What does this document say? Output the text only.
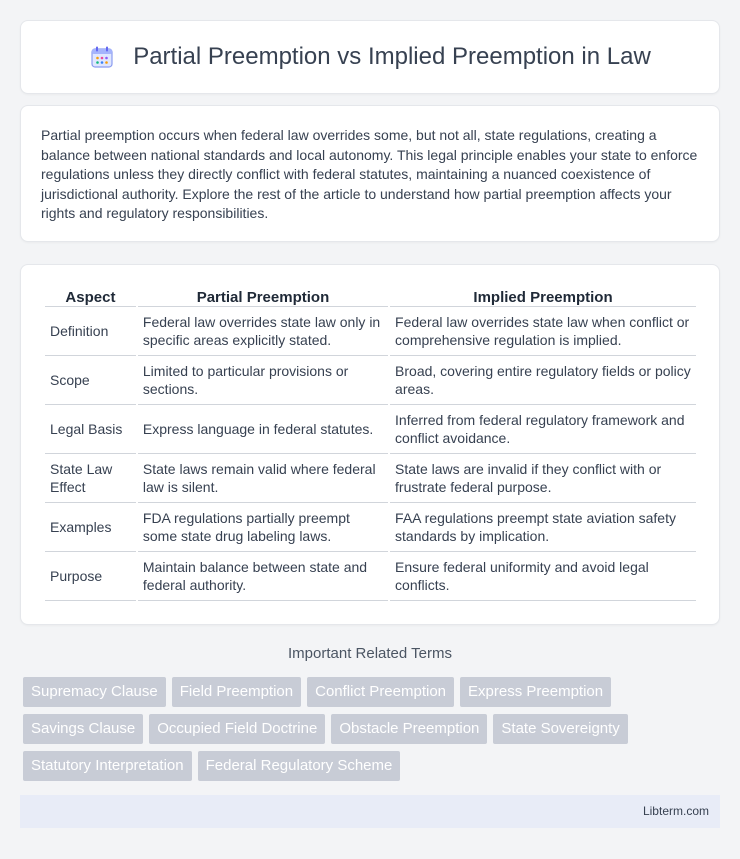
Partial Preemption vs Implied Preemption in Law

Partial preemption occurs when federal law overrides some, but not all, state regulations, creating a balance between national standards and local autonomy. This legal principle enables your state to enforce regulations unless they directly conflict with federal statutes, maintaining a nuanced coexistence of jurisdictional authority. Explore the rest of the article to understand how partial preemption affects your rights and regulatory responsibilities.

Aspect	Partial Preemption	Implied Preemption
Definition	Federal law overrides state law only in specific areas explicitly stated.	Federal law overrides state law when conflict or comprehensive regulation is implied.
Scope	Limited to particular provisions or sections.	Broad, covering entire regulatory fields or policy areas.
Legal Basis	Express language in federal statutes.	Inferred from federal regulatory framework and conflict avoidance.
State Law Effect	State laws remain valid where federal law is silent.	State laws are invalid if they conflict with or frustrate federal purpose.
Examples	FDA regulations partially preempt some state drug labeling laws.	FAA regulations preempt state aviation safety standards by implication.
Purpose	Maintain balance between state and federal authority.	Ensure federal uniformity and avoid legal conflicts.
Important Related Terms
Supremacy Clause	Field Preemption	Conflict Preemption	Express Preemption
Savings Clause	Occupied Field Doctrine	Obstacle Preemption	State Sovereignty
Statutory Interpretation	Federal Regulatory Scheme
Libterm.com
